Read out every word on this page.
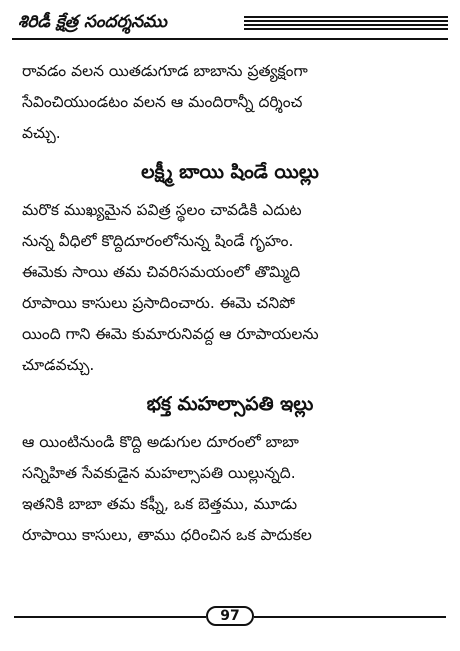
శిరిడీ క్షేత్ర సందర్శనము
రావడం వలన యితడుగూడ బాబాను ప్రత్యక్షంగా
సేవించియుండటం వలన ఆ మందిరాన్నీ దర్శించ
వచ్చు.
లక్ష్మీ బాయి షిండే యిల్లు
మరొక ముఖ్యమైన పవిత్ర స్థలం చావడికి ఎదుట
నున్న వీధిలో కొద్దిదూరంలోనున్న షిండే గృహం.
ఈమెకు సాయి తమ చివరిసమయంలో తొమ్మిది
రూపాయి కాసులు ప్రసాదించారు. ఈమె చనిపో
యింది గాని ఈమె కుమారునివద్ద ఆ రూపాయలను
చూడవచ్చు.
భక్త మహల్సాపతి ఇల్లు
ఆ యింటినుండి కొద్ది అడుగుల దూరంలో బాబా
సన్నిహిత సేవకుడైన మహల్సాపతి యిల్లున్నది.
ఇతనికి బాబా తమ కఫ్నీ, ఒక బెత్తము, మూడు
రూపాయి కాసులు, తాము ధరించిన ఒక పాదుకల
97
